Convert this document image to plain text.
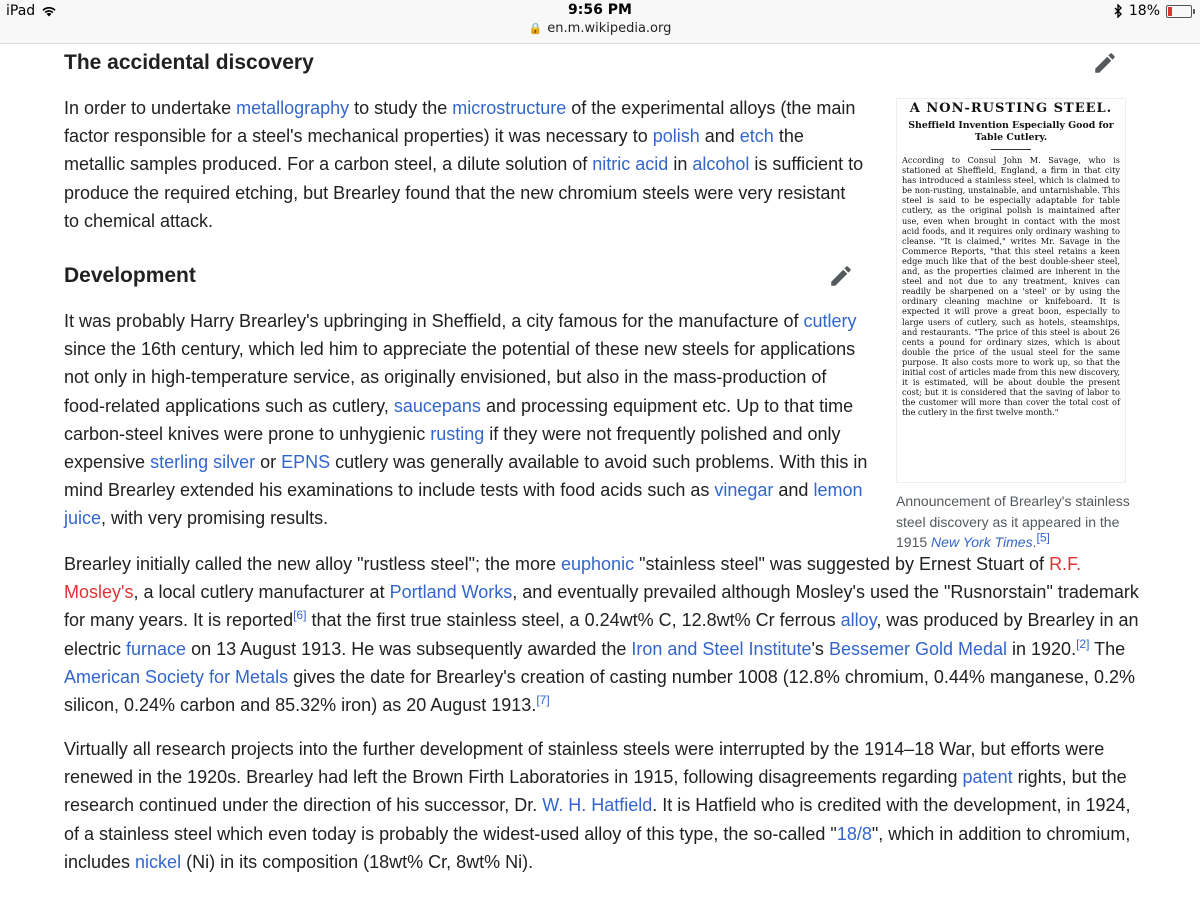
iPad	9:56 PM
🔒 en.m.wikipedia.org
18%
The accidental discovery

In order to undertake metallography to study the microstructure of the experimental alloys (the main factor responsible for a steel's mechanical properties) it was necessary to polish and etch the metallic samples produced. For a carbon steel, a dilute solution of nitric acid in alcohol is sufficient to produce the required etching, but Brearley found that the new chromium steels were very resistant to chemical attack.

Development

It was probably Harry Brearley's upbringing in Sheffield, a city famous for the manufacture of cutlery since the 16th century, which led him to appreciate the potential of these new steels for applications not only in high-temperature service, as originally envisioned, but also in the mass-production of food-related applications such as cutlery, saucepans and processing equipment etc. Up to that time carbon-steel knives were prone to unhygienic rusting if they were not frequently polished and only expensive sterling silver or EPNS cutlery was generally available to avoid such problems. With this in mind Brearley extended his examinations to include tests with food acids such as vinegar and lemon juice, with very promising results.

Brearley initially called the new alloy "rustless steel"; the more euphonic "stainless steel" was suggested by Ernest Stuart of R.F. Mosley's, a local cutlery manufacturer at Portland Works, and eventually prevailed although Mosley's used the "Rusnorstain" trademark for many years. It is reported[6] that the first true stainless steel, a 0.24wt% C, 12.8wt% Cr ferrous alloy, was produced by Brearley in an electric furnace on 13 August 1913. He was subsequently awarded the Iron and Steel Institute's Bessemer Gold Medal in 1920.[2] The American Society for Metals gives the date for Brearley's creation of casting number 1008 (12.8% chromium, 0.44% manganese, 0.2% silicon, 0.24% carbon and 85.32% iron) as 20 August 1913.[7]

Virtually all research projects into the further development of stainless steels were interrupted by the 1914–18 War, but efforts were renewed in the 1920s. Brearley had left the Brown Firth Laboratories in 1915, following disagreements regarding patent rights, but the research continued under the direction of his successor, Dr. W. H. Hatfield. It is Hatfield who is credited with the development, in 1924, of a stainless steel which even today is probably the widest-used alloy of this type, the so-called "18/8", which in addition to chromium, includes nickel (Ni) in its composition (18wt% Cr, 8wt% Ni).

A NON-RUSTING STEEL.
Sheffield Invention Especially Good for Table Cutlery.
According to Consul John M. Savage, who is stationed at Sheffield, England, a firm in that city has introduced a stainless steel, which is claimed to be non-rusting, unstainable, and untarnishable. This steel is said to be especially adaptable for table cutlery, as the original polish is maintained after use, even when brought in contact with the most acid foods, and it requires only ordinary washing to cleanse. "It is claimed," writes Mr. Savage in the Commerce Reports, "that this steel retains a keen edge much like that of the best double-sheer steel, and, as the properties claimed are inherent in the steel and not due to any treatment, knives can readily be sharpened on a 'steel' or by using the ordinary cleaning machine or knifeboard. It is expected it will prove a great boon, especially to large users of cutlery, such as hotels, steamships, and restaurants. "The price of this steel is about 26 cents a pound for ordinary sizes, which is about double the price of the usual steel for the same purpose. It also costs more to work up, so that the initial cost of articles made from this new discovery, it is estimated, will be about double the present cost; but it is considered that the saving of labor to the customer will more than cover the total cost of the cutlery in the first twelve month."
Announcement of Brearley's stainless steel discovery as it appeared in the 1915 New York Times.[5]
